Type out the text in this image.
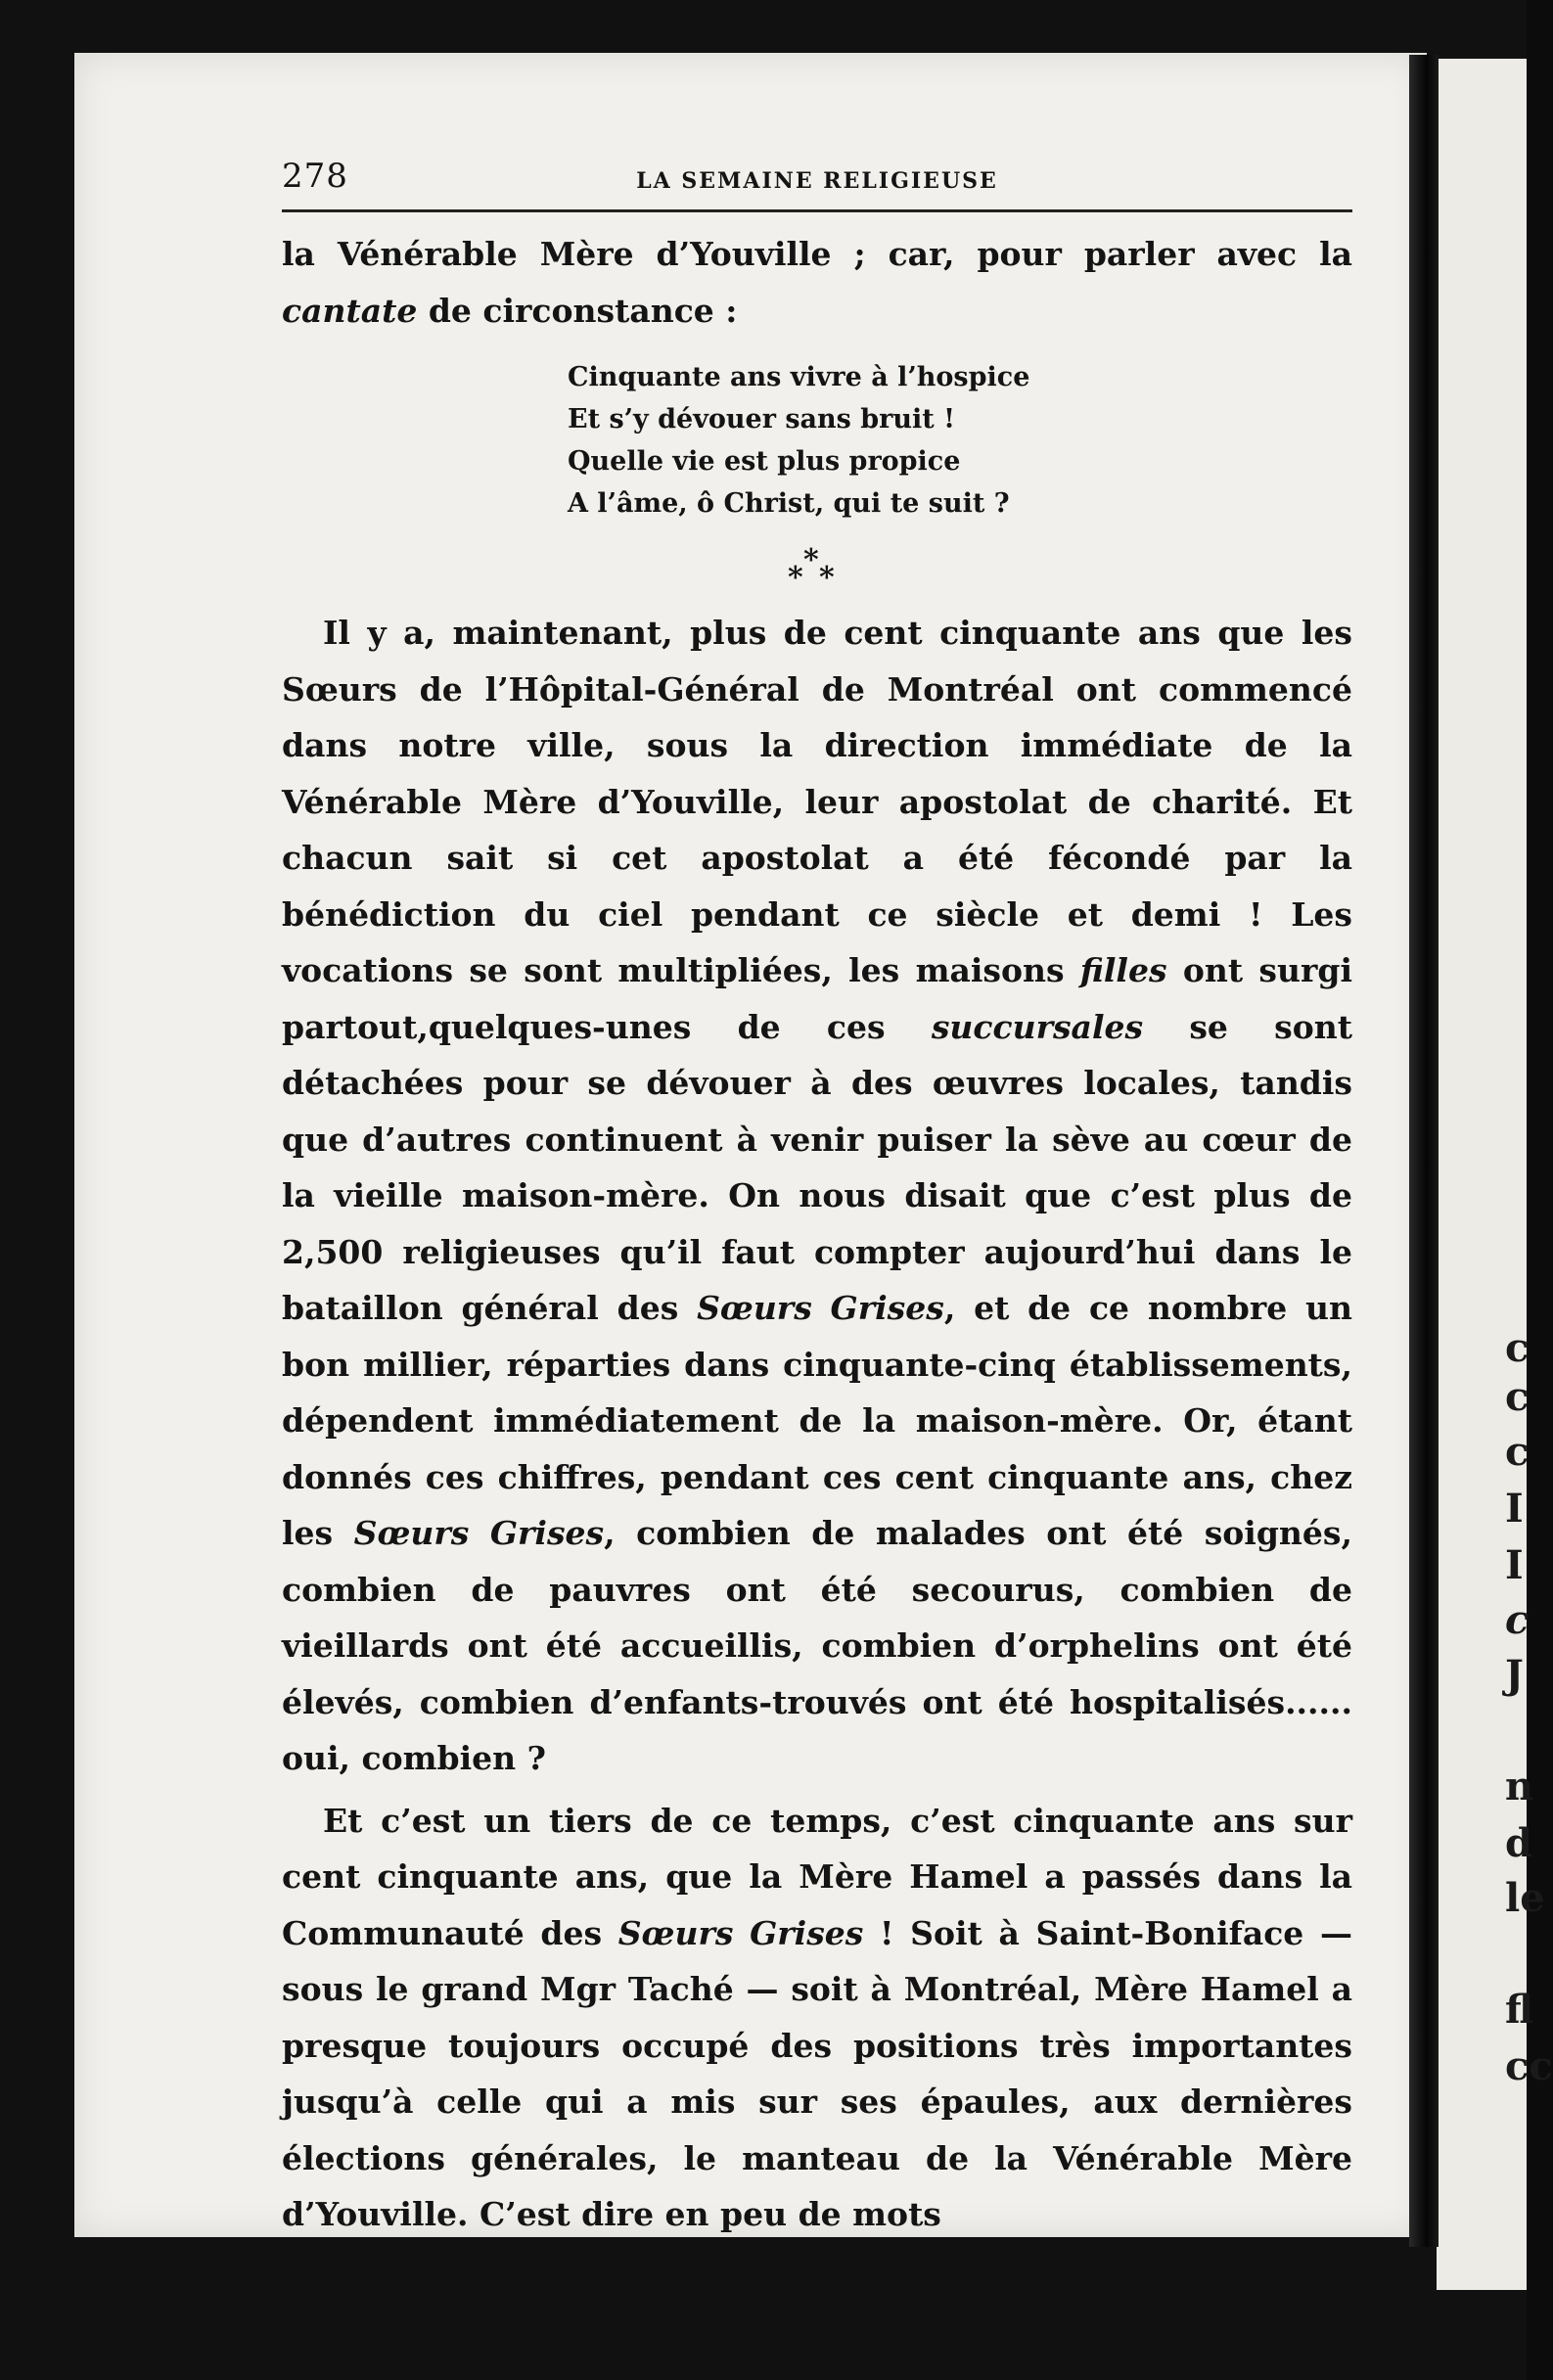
c
c
c
I
I
c
J
n
d
le
fl
cc
278	LA SEMAINE RELIGIEUSE

la Vénérable Mère d’Youville ; car, pour parler avec la cantate de circonstance :

Cinquante ans vivre à l’hospice
Et s’y dévouer sans bruit !
Quelle vie est plus propice
A l’âme, ô Christ, qui te suit ?
*
* *

Il y a, maintenant, plus de cent cinquante ans que les Sœurs de l’Hôpital-Général de Montréal ont commencé dans notre ville, sous la direction immédiate de la Vénérable Mère d’Youville, leur apostolat de charité. Et chacun sait si cet apostolat a été fécondé par la bénédiction du ciel pendant ce siècle et demi ! Les vocations se sont multipliées, les maisons filles ont surgi partout,quelques-unes de ces succursales se sont détachées pour se dévouer à des œuvres locales, tandis que d’autres continuent à venir puiser la sève au cœur de la vieille maison-mère. On nous disait que c’est plus de 2,500 religieuses qu’il faut compter aujourd’hui dans le bataillon général des Sœurs Grises, et de ce nombre un bon millier, réparties dans cinquante-cinq établissements, dépendent immédiatement de la maison-mère. Or, étant donnés ces chiffres, pendant ces cent cinquante ans, chez les Sœurs Grises, combien de malades ont été soignés, combien de pauvres ont été secourus, combien de vieillards ont été accueillis, combien d’orphelins ont été élevés, combien d’enfants-trouvés ont été hospitalisés...... oui, combien ?

Et c’est un tiers de ce temps, c’est cinquante ans sur cent cinquante ans, que la Mère Hamel a passés dans la Communauté des Sœurs Grises ! Soit à Saint-Boniface — sous le grand Mgr Taché — soit à Montréal, Mère Hamel a presque toujours occupé des positions très importantes jusqu’à celle qui a mis sur ses épaules, aux dernières élections générales, le manteau de la Vénérable Mère d’Youville. C’est dire en peu de mots
